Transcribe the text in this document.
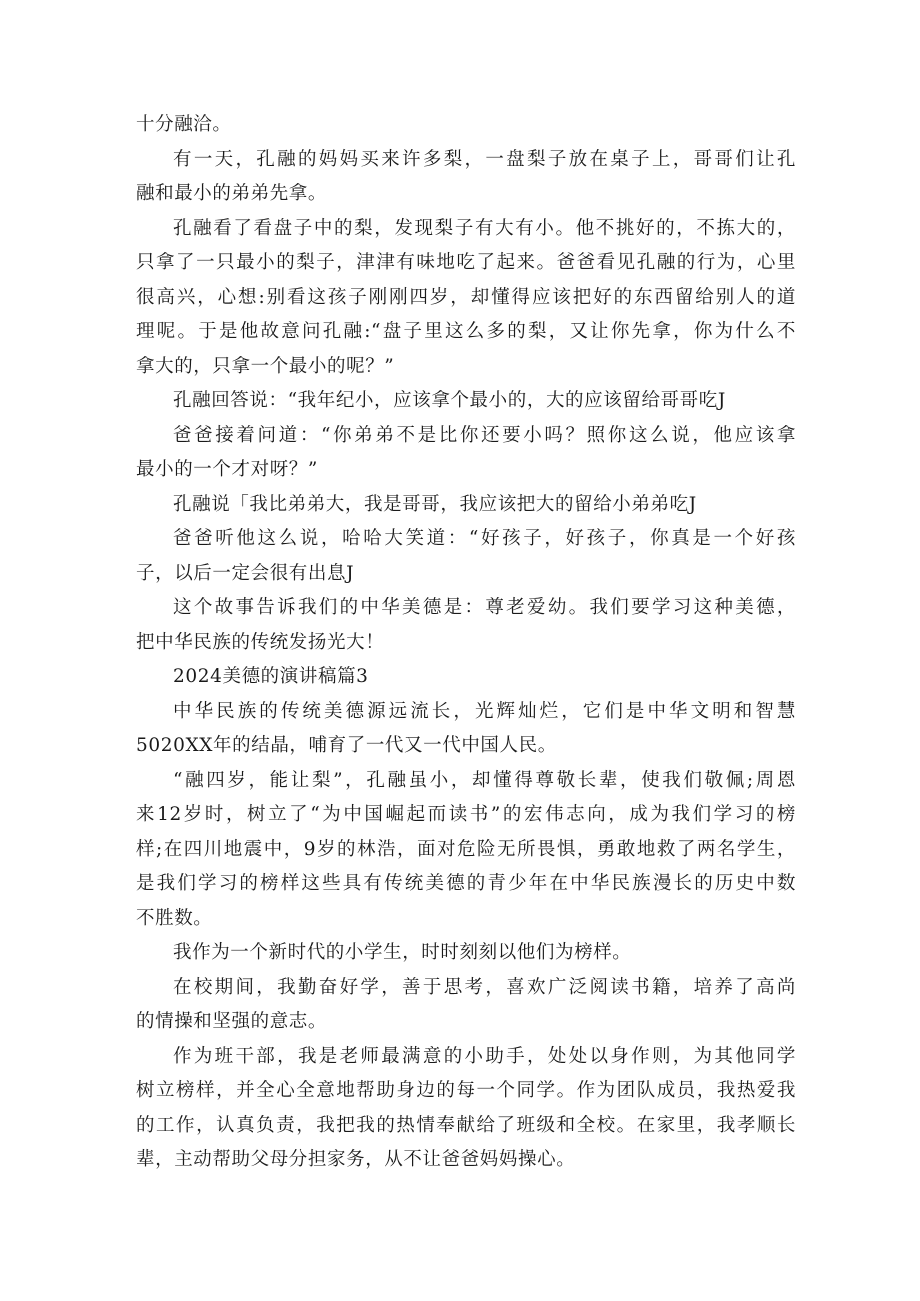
十分融洽。
有一天，孔融的妈妈买来许多梨，一盘梨子放在桌子上，哥哥们让孔
融和最小的弟弟先拿。
孔融看了看盘子中的梨，发现梨子有大有小。他不挑好的，不拣大的，
只拿了一只最小的梨子，津津有味地吃了起来。爸爸看见孔融的行为，心里
很高兴，心想:别看这孩子刚刚四岁，却懂得应该把好的东西留给别人的道
理呢。于是他故意问孔融:“盘子里这么多的梨，又让你先拿，你为什么不
拿大的，只拿一个最小的呢？”
孔融回答说：“我年纪小，应该拿个最小的，大的应该留给哥哥吃J
爸爸接着问道：“你弟弟不是比你还要小吗？照你这么说，他应该拿
最小的一个才对呀？”
孔融说「我比弟弟大，我是哥哥，我应该把大的留给小弟弟吃J
爸爸听他这么说，哈哈大笑道：“好孩子，好孩子，你真是一个好孩
子，以后一定会很有出息J
这个故事告诉我们的中华美德是：尊老爱幼。我们要学习这种美德，
把中华民族的传统发扬光大！
2024美德的演讲稿篇3
中华民族的传统美德源远流长，光辉灿烂，它们是中华文明和智慧
5020XX年的结晶，哺育了一代又一代中国人民。
“融四岁，能让梨”，孔融虽小，却懂得尊敬长辈，使我们敬佩;周恩
来12岁时，树立了“为中国崛起而读书”的宏伟志向，成为我们学习的榜
样;在四川地震中，9岁的林浩，面对危险无所畏惧，勇敢地救了两名学生，
是我们学习的榜样这些具有传统美德的青少年在中华民族漫长的历史中数
不胜数。
我作为一个新时代的小学生，时时刻刻以他们为榜样。
在校期间，我勤奋好学，善于思考，喜欢广泛阅读书籍，培养了高尚
的情操和坚强的意志。
作为班干部，我是老师最满意的小助手，处处以身作则，为其他同学
树立榜样，并全心全意地帮助身边的每一个同学。作为团队成员，我热爱我
的工作，认真负责，我把我的热情奉献给了班级和全校。在家里，我孝顺长
辈，主动帮助父母分担家务，从不让爸爸妈妈操心。
